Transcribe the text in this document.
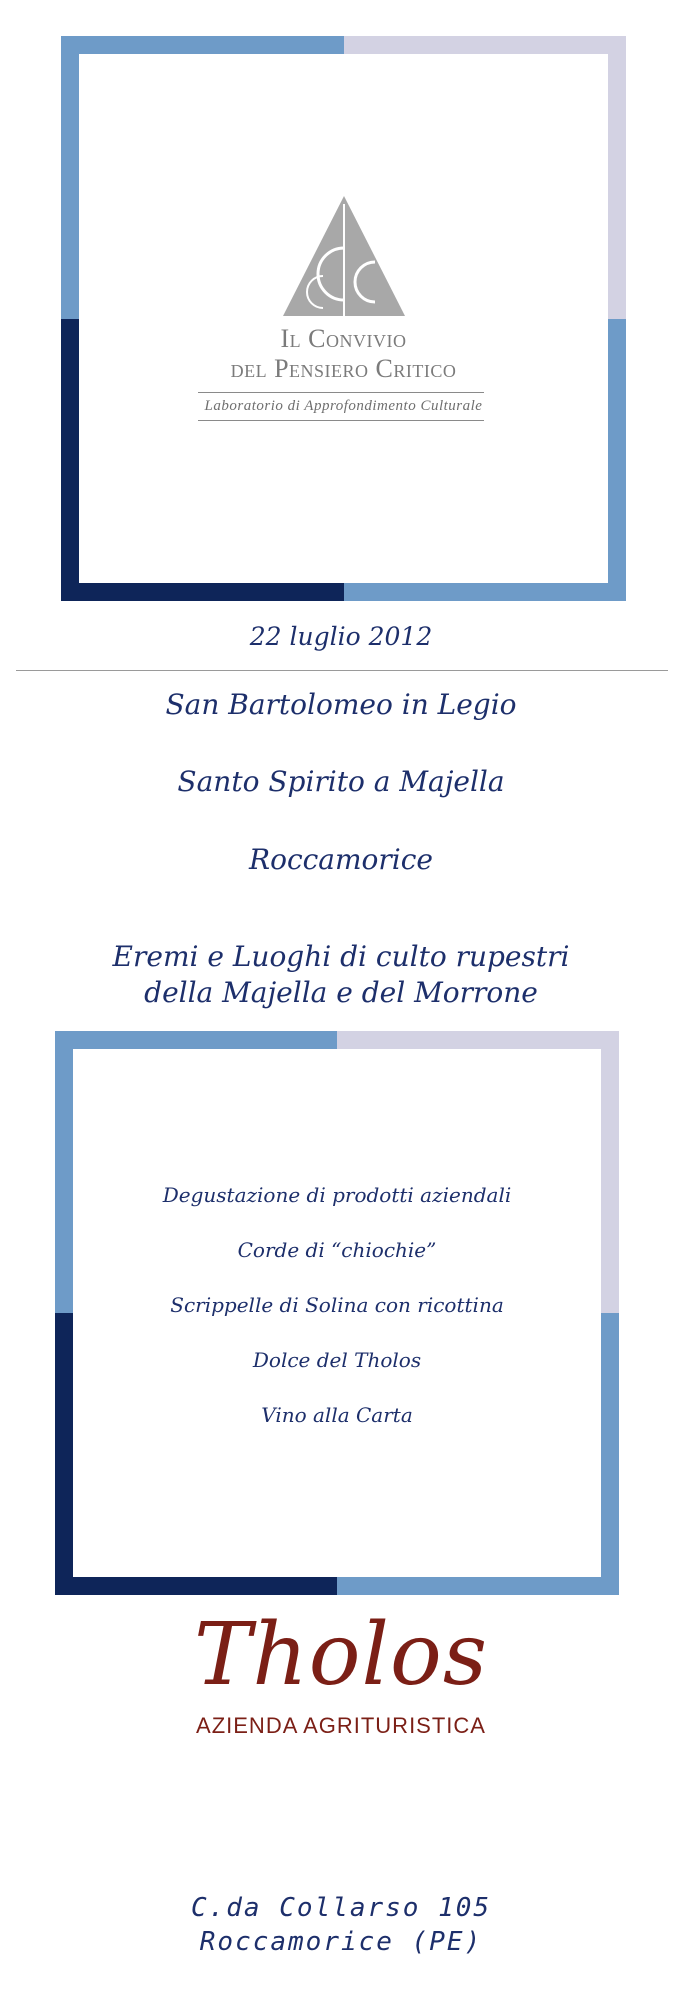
Il Convivio
del Pensiero Critico
Laboratorio di Approfondimento Culturale
22 luglio 2012
San Bartolomeo in Legio
Santo Spirito a Majella
Roccamorice
Eremi e Luoghi di culto rupestri
della Majella e del Morrone
Degustazione di prodotti aziendali
Corde di “chiochie”
Scrippelle di Solina con ricottina
Dolce del Tholos
Vino alla Carta
Tholos
AZIENDA AGRITURISTICA
C.da Collarso 105
Roccamorice (PE)
